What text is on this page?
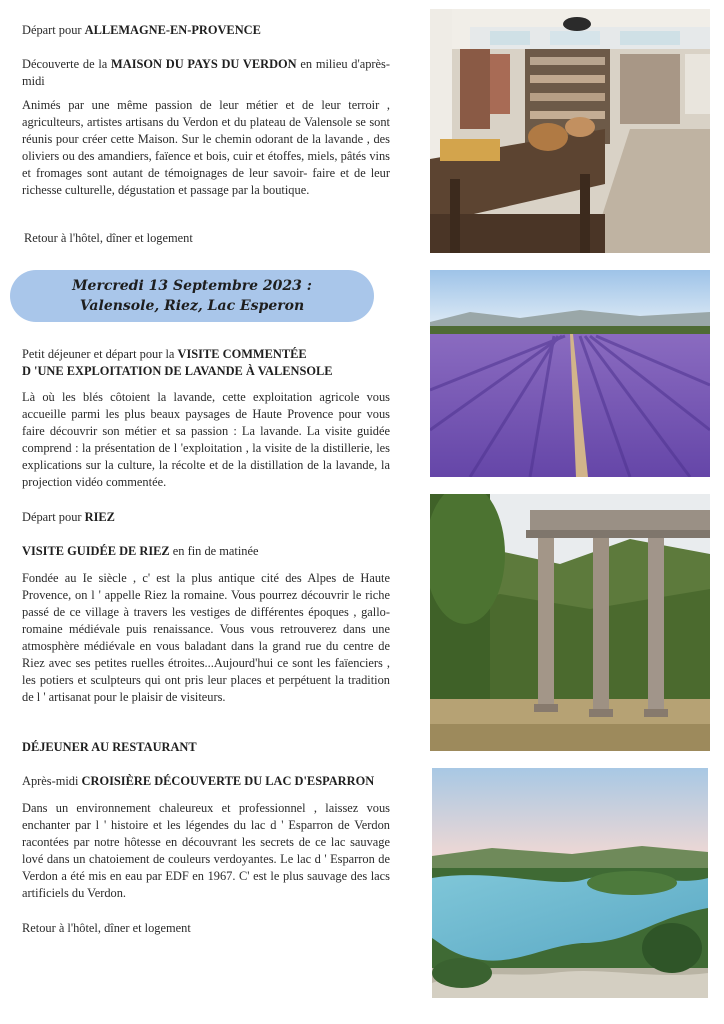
Départ pour ALLEMAGNE-EN-PROVENCE
Découverte de la MAISON DU PAYS DU VERDON en milieu d'après-midi

Animés par une même passion de leur métier et de leur terroir , agriculteurs, artistes artisans du Verdon et du plateau de Valensole se sont réunis pour créer cette Maison. Sur le chemin odorant de la lavande , des oliviers ou des amandiers, faïence et bois, cuir et étoffes, miels, pâtés vins et fromages sont autant de témoignages de leur savoir- faire et de leur richesse culturelle, dégustation et passage par la boutique.

Retour à l'hôtel, dîner et logement
Mercredi 13 Septembre 2023 :
Valensole, Riez, Lac Esperon
Petit déjeuner et départ pour la VISITE COMMENTÉE
D 'UNE EXPLOITATION DE LAVANDE À VALENSOLE

Là où les blés côtoient la lavande, cette exploitation agricole vous accueille parmi les plus beaux paysages de Haute Provence pour vous faire découvrir son métier et sa passion : La lavande. La visite guidée comprend : la présentation de l 'exploitation , la visite de la distillerie, les explications sur la culture, la récolte et de la distillation de la lavande, la projection vidéo commentée.

Départ pour RIEZ
VISITE GUIDÉE DE RIEZ en fin de matinée

Fondée au Ie siècle , c' est la plus antique cité des Alpes de Haute Provence, on l ' appelle Riez la romaine. Vous pourrez découvrir le riche passé de ce village à travers les vestiges de différentes époques , gallo-romaine médiévale puis renaissance. Vous vous retrouverez dans une atmosphère médiévale en vous baladant dans la grand rue du centre de Riez avec ses petites ruelles étroites...Aujourd'hui ce sont les faïenciers , les potiers et sculpteurs qui ont pris leur places et perpétuent la tradition de l ' artisanat pour le plaisir de visiteurs.

DÉJEUNER AU RESTAURANT
Après-midi CROISIÈRE DÉCOUVERTE DU LAC D'ESPARRON

Dans un environnement chaleureux et professionnel , laissez vous enchanter par l ' histoire et les légendes du lac d ' Esparron de Verdon racontées par notre hôtesse en découvrant les secrets de ce lac sauvage lové dans un chatoiement de couleurs verdoyantes. Le lac d ' Esparron de Verdon a été mis en eau par EDF en 1967. C' est le plus sauvage des lacs artificiels du Verdon.

Retour à l'hôtel, dîner et logement
